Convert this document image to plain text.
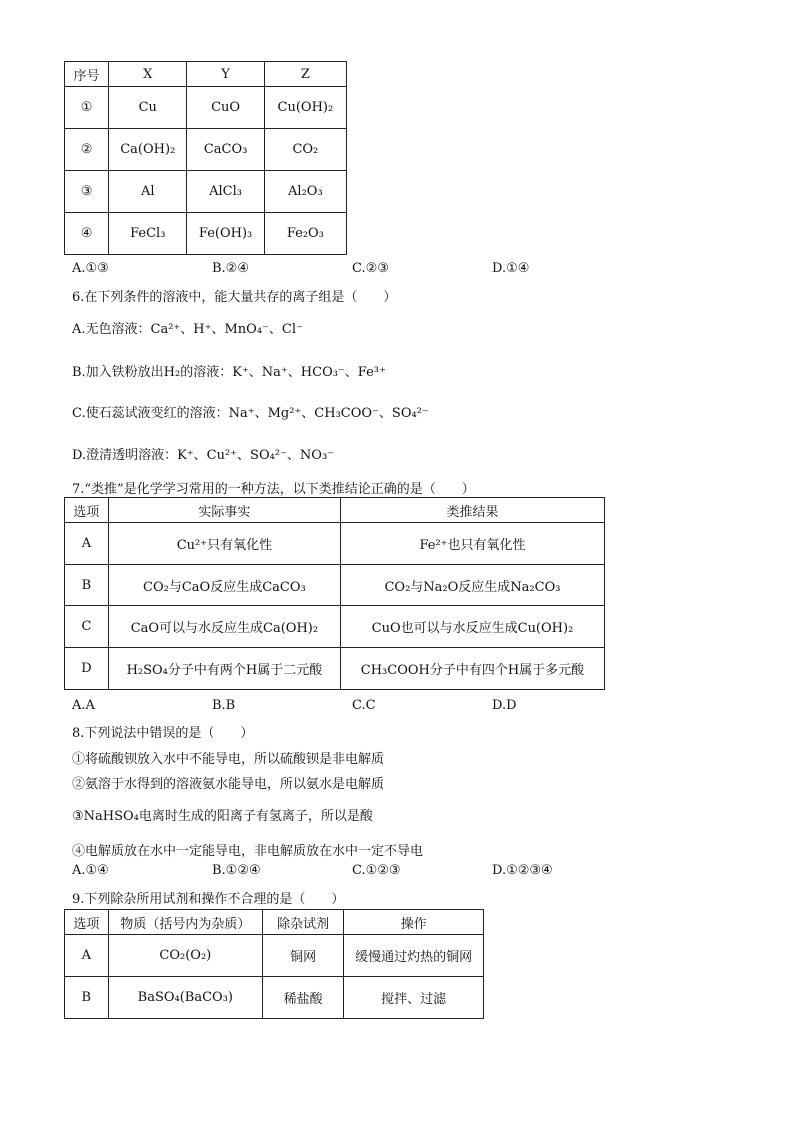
序号	X	Y	Z
①	Cu	CuO	Cu(OH)₂
②	Ca(OH)₂	CaCO₃	CO₂
③	Al	AlCl₃	Al₂O₃
④	FeCl₃	Fe(OH)₃	Fe₂O₃
A.①③	B.②④	C.②③	D.①④
6.在下列条件的溶液中，能大量共存的离子组是（　　）
A.无色溶液：Ca²⁺、H⁺、MnO₄⁻、Cl⁻
B.加入铁粉放出H₂的溶液：K⁺、Na⁺、HCO₃⁻、Fe³⁺
C.使石蕊试液变红的溶液：Na⁺、Mg²⁺、CH₃COO⁻、SO₄²⁻
D.澄清透明溶液：K⁺、Cu²⁺、SO₄²⁻、NO₃⁻
7.“类推”是化学学习常用的一种方法，以下类推结论正确的是（　　）
选项	实际事实	类推结果
A	Cu²⁺只有氧化性	Fe²⁺也只有氧化性
B	CO₂与CaO反应生成CaCO₃	CO₂与Na₂O反应生成Na₂CO₃
C	CaO可以与水反应生成Ca(OH)₂	CuO也可以与水反应生成Cu(OH)₂
D	H₂SO₄分子中有两个H属于二元酸	CH₃COOH分子中有四个H属于多元酸
A.A	B.B	C.C	D.D
8.下列说法中错误的是（　　）
①将硫酸钡放入水中不能导电，所以硫酸钡是非电解质
②氨溶于水得到的溶液氨水能导电，所以氨水是电解质
③NaHSO₄电离时生成的阳离子有氢离子，所以是酸
④电解质放在水中一定能导电，非电解质放在水中一定不导电
A.①④	B.①②④	C.①②③	D.①②③④
9.下列除杂所用试剂和操作不合理的是（　　）
选项	物质（括号内为杂质）	除杂试剂	操作
A	CO₂(O₂)	铜网	缓慢通过灼热的铜网
B	BaSO₄(BaCO₃)	稀盐酸	搅拌、过滤
